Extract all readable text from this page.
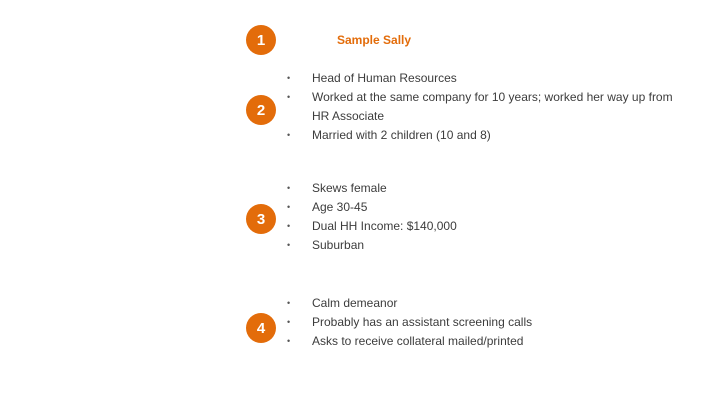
1
2
3
4
Sample Sally
• Head of Human Resources
• Worked at the same company for 10 years; worked her way up from
HR Associate
• Married with 2 children (10 and 8)
• Skews female
• Age 30-45
• Dual HH Income: $140,000
• Suburban
• Calm demeanor
• Probably has an assistant screening calls
• Asks to receive collateral mailed/printed
